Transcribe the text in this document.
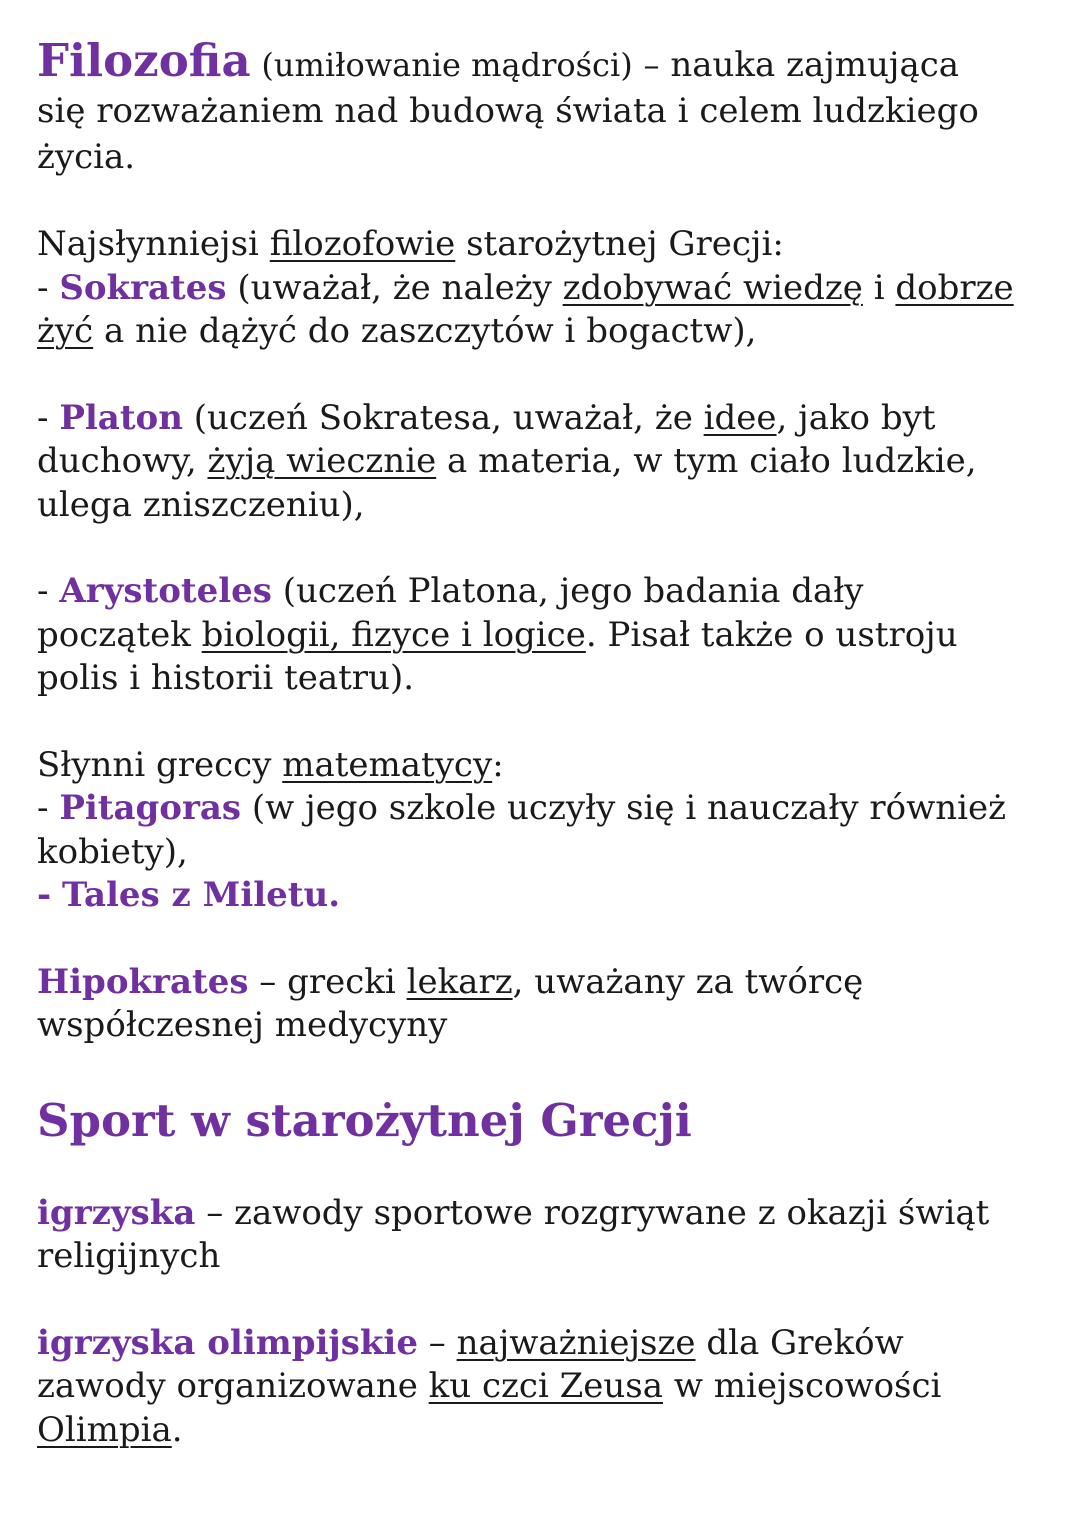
Filozofia (umiłowanie mądrości) – nauka zajmująca
się rozważaniem nad budową świata i celem ludzkiego
życia.

Najsłynniejsi filozofowie starożytnej Grecji:

- Sokrates (uważał, że należy zdobywać wiedzę i dobrze
żyć a nie dążyć do zaszczytów i bogactw),

- Platon (uczeń Sokratesa, uważał, że idee, jako byt
duchowy, żyją wiecznie a materia, w tym ciało ludzkie,
ulega zniszczeniu),

- Arystoteles (uczeń Platona, jego badania dały
początek biologii, fizyce i logice. Pisał także o ustroju
polis i historii teatru).

Słynni greccy matematycy:

- Pitagoras (w jego szkole uczyły się i nauczały również
kobiety),

- Tales z Miletu.

Hipokrates – grecki lekarz, uważany za twórcę
współczesnej medycyny

Sport w starożytnej Grecji

igrzyska – zawody sportowe rozgrywane z okazji świąt
religijnych

igrzyska olimpijskie – najważniejsze dla Greków
zawody organizowane ku czci Zeusa w miejscowości
Olimpia.
